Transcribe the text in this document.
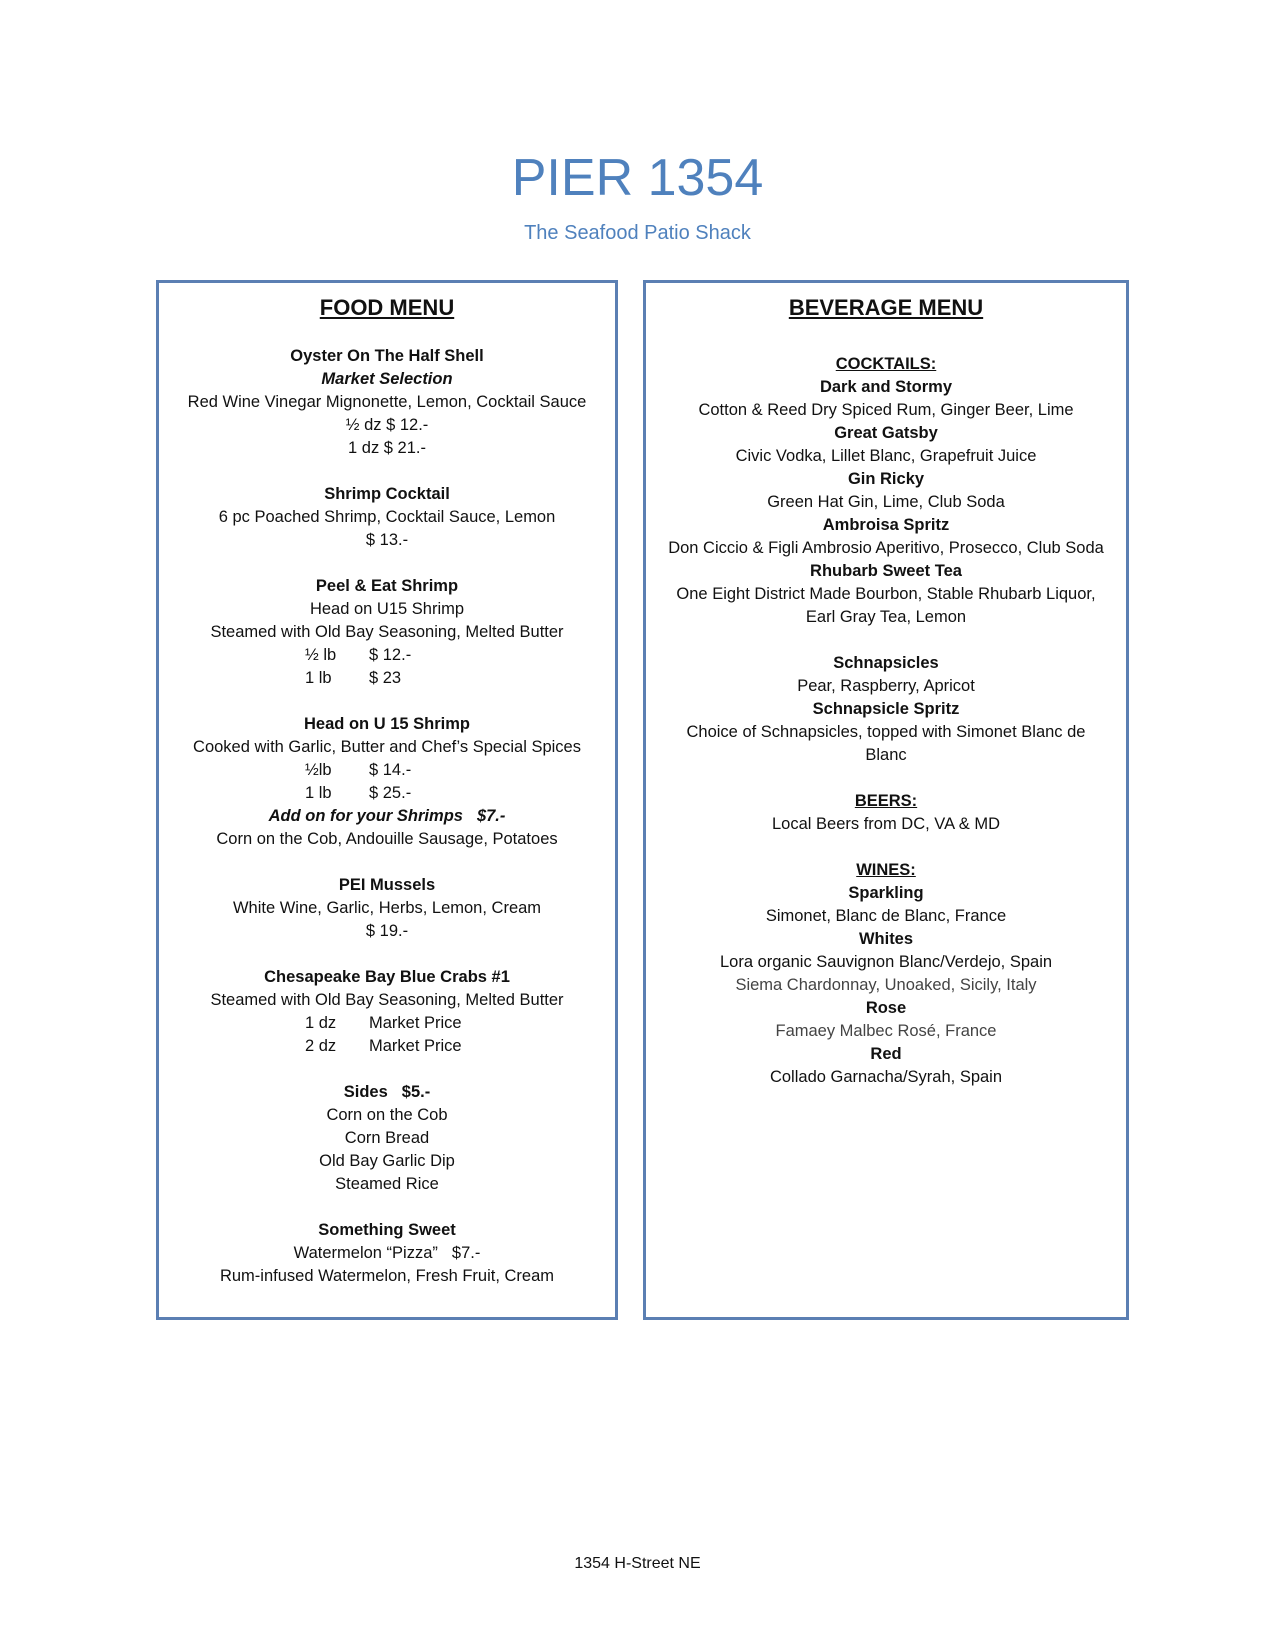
PIER 1354
The Seafood Patio Shack
FOOD MENU
Oyster On The Half Shell
Market Selection
Red Wine Vinegar Mignonette, Lemon, Cocktail Sauce
½ dz $ 12.-
1 dz $ 21.-
Shrimp Cocktail
6 pc Poached Shrimp, Cocktail Sauce, Lemon
$ 13.-
Peel & Eat Shrimp
Head on U15 Shrimp
Steamed with Old Bay Seasoning, Melted Butter
½ lb $ 12.-
1 lb $ 23
Head on U 15 Shrimp
Cooked with Garlic, Butter and Chef’s Special Spices
½lb $ 14.-
1 lb $ 25.-
Add on for your Shrimps $7.-
Corn on the Cob, Andouille Sausage, Potatoes
PEI Mussels
White Wine, Garlic, Herbs, Lemon, Cream
$ 19.-
Chesapeake Bay Blue Crabs #1
Steamed with Old Bay Seasoning, Melted Butter
1 dz Market Price
2 dz Market Price
Sides $5.-
Corn on the Cob
Corn Bread
Old Bay Garlic Dip
Steamed Rice
Something Sweet
Watermelon “Pizza” $7.-
Rum-infused Watermelon, Fresh Fruit, Cream
BEVERAGE MENU
COCKTAILS:
Dark and Stormy
Cotton & Reed Dry Spiced Rum, Ginger Beer, Lime
Great Gatsby
Civic Vodka, Lillet Blanc, Grapefruit Juice
Gin Ricky
Green Hat Gin, Lime, Club Soda
Ambroisa Spritz
Don Ciccio & Figli Ambrosio Aperitivo, Prosecco, Club Soda
Rhubarb Sweet Tea
One Eight District Made Bourbon, Stable Rhubarb Liquor, Earl Gray Tea, Lemon
Schnapsicles
Pear, Raspberry, Apricot
Schnapsicle Spritz
Choice of Schnapsicles, topped with Simonet Blanc de Blanc
BEERS:
Local Beers from DC, VA & MD
WINES:
Sparkling
Simonet, Blanc de Blanc, France
Whites
Lora organic Sauvignon Blanc/Verdejo, Spain
Siema Chardonnay, Unoaked, Sicily, Italy
Rose
Famaey Malbec Rosé, France
Red
Collado Garnacha/Syrah, Spain
1354 H-Street NE
